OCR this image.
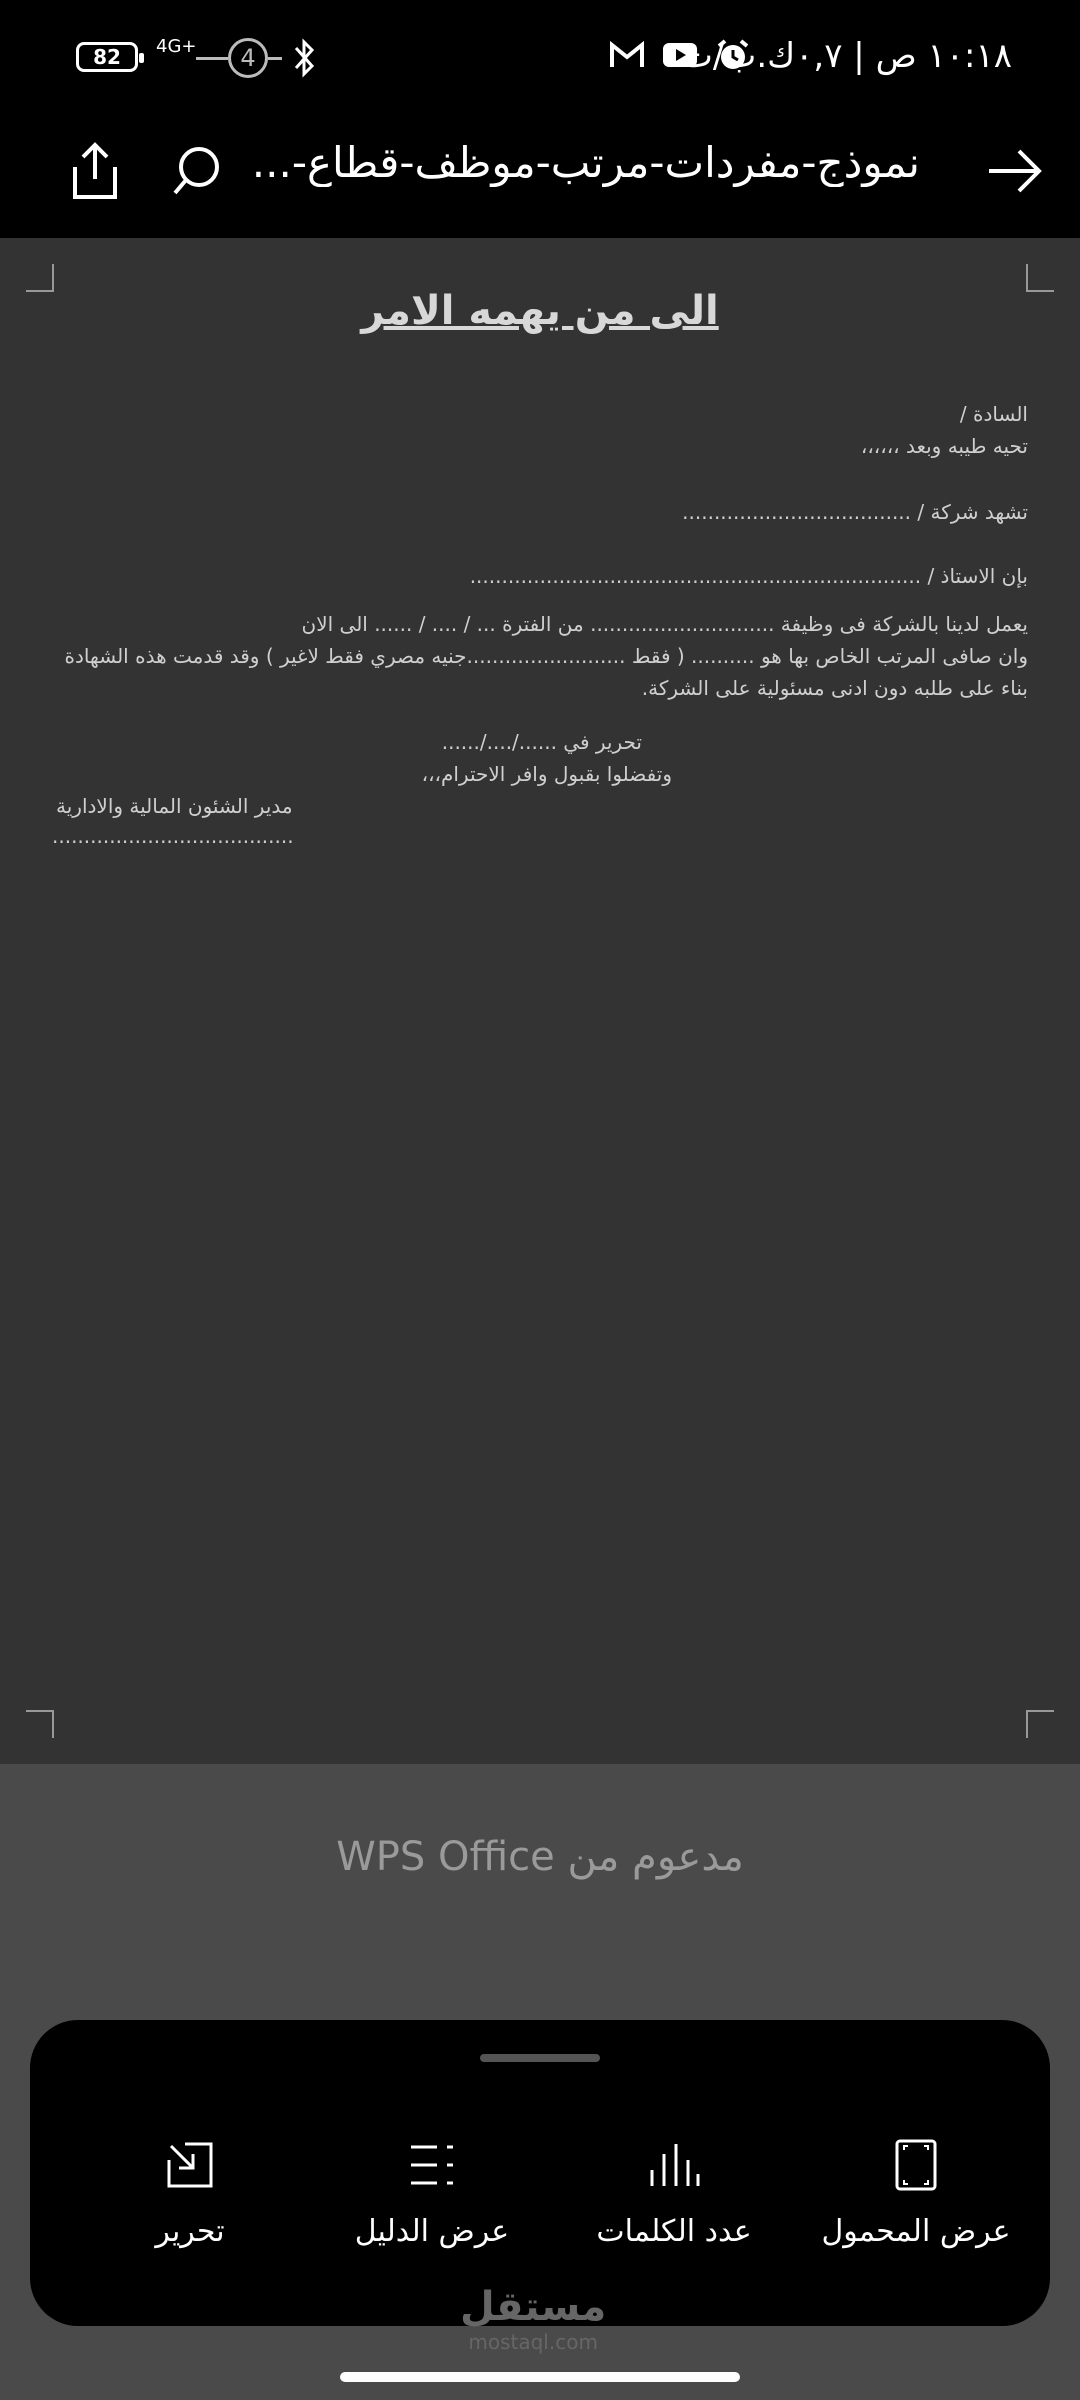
82	4G+	4	١٠:١٨ ص | ٠,٧ك.ب/ث
نموذج-مفردات-مرتب-موظف-قطاع-...
الى من يهمه الامر
السادة /
تحيه طيبه وبعد ،،،،،،
تشهد شركة / ....................................
بإن الاستاذ / .......................................................................
يعمل لدينا بالشركة فى وظيفة ............................. من الفترة ... / .... / ...... الى الان
وان صافى المرتب الخاص بها هو .......... ( فقط .........................جنيه مصري فقط لاغير ) وقد قدمت هذه الشهادة
بناء على طلبه دون ادنى مسئولية على الشركة.
تحرير في ....../..../......
وتفضلوا بقبول وافر الاحترام،،،
مدير الشئون المالية والادارية
......................................
مدعوم من WPS Office
تحرير	عرض الدليل	عدد الكلمات	عرض المحمول
مستقل
mostaql.com
